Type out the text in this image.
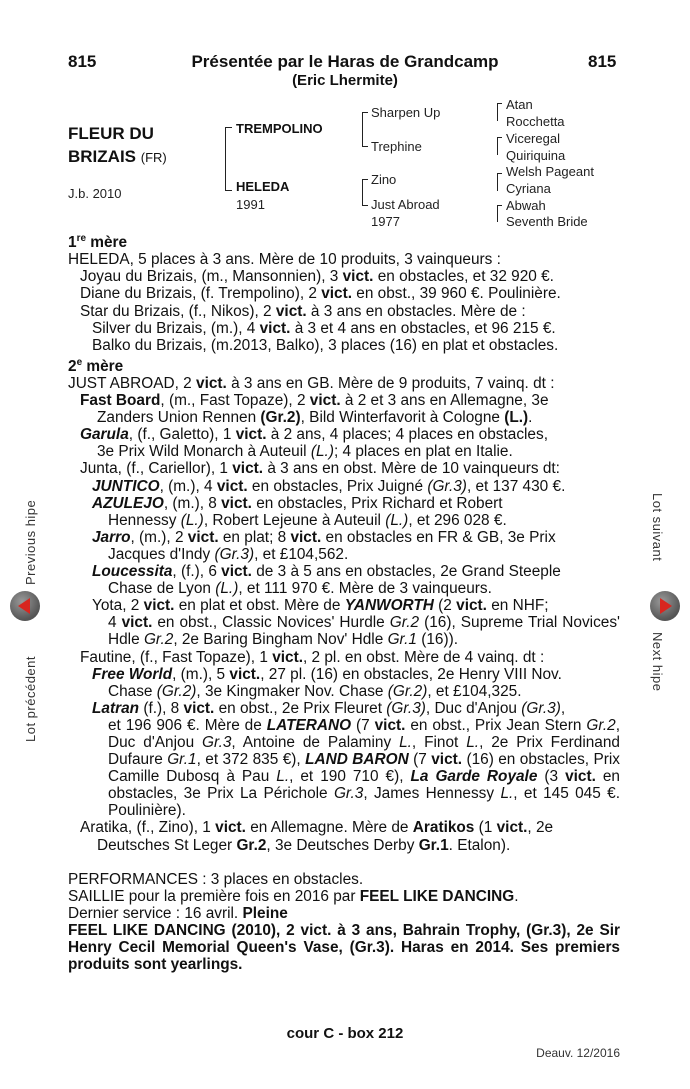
815	815
Présentée par le Haras de Grandcamp
(Eric Lhermite)
FLEUR DU
BRIZAIS (FR)
J.b. 2010
TREMPOLINO
HELEDA
1991
Sharpen Up
Trephine
Zino
Just Abroad
1977
Atan
Rocchetta
Viceregal
Quiriquina
Welsh Pageant
Cyriana
Abwah
Seventh Bride

1re mère

HELEDA, 5 places à 3 ans. Mère de 10 produits, 3 vainqueurs :

Joyau du Brizais, (m., Mansonnien), 3 vict. en obstacles, et 32 920 €.

Diane du Brizais, (f. Trempolino), 2 vict. en obst., 39 960 €. Poulinière.

Star du Brizais, (f., Nikos), 2 vict. à 3 ans en obstacles. Mère de :

Silver du Brizais, (m.), 4 vict. à 3 et 4 ans en obstacles, et 96 215 €.

Balko du Brizais, (m.2013, Balko), 3 places (16) en plat et obstacles.

2e mère

JUST ABROAD, 2 vict. à 3 ans en GB. Mère de 9 produits, 7 vainq. dt :

Fast Board, (m., Fast Topaze), 2 vict. à 2 et 3 ans en Allemagne, 3e
Zanders Union Rennen (Gr.2), Bild Winterfavorit à Cologne (L.).

Garula, (f., Galetto), 1 vict. à 2 ans, 4 places; 4 places en obstacles,
3e Prix Wild Monarch à Auteuil (L.); 4 places en plat en Italie.

Junta, (f., Cariellor), 1 vict. à 3 ans en obst. Mère de 10 vainqueurs dt:

JUNTICO, (m.), 4 vict. en obstacles, Prix Juigné (Gr.3), et 137 430 €.

AZULEJO, (m.), 8 vict. en obstacles, Prix Richard et Robert
Hennessy (L.), Robert Lejeune à Auteuil (L.), et 296 028 €.

Jarro, (m.), 2 vict. en plat; 8 vict. en obstacles en FR & GB, 3e Prix
Jacques d'Indy (Gr.3), et £104,562.

Loucessita, (f.), 6 vict. de 3 à 5 ans en obstacles, 2e Grand Steeple
Chase de Lyon (L.), et 111 970 €. Mère de 3 vainqueurs.

Yota, 2 vict. en plat et obst. Mère de YANWORTH (2 vict. en NHF;
4 vict. en obst., Classic Novices' Hurdle Gr.2 (16), Supreme Trial Novices' Hdle Gr.2, 2e Baring Bingham Nov' Hdle Gr.1 (16)).

Fautine, (f., Fast Topaze), 1 vict., 2 pl. en obst. Mère de 4 vainq. dt :

Free World, (m.), 5 vict., 27 pl. (16) en obstacles, 2e Henry VIII Nov.
Chase (Gr.2), 3e Kingmaker Nov. Chase (Gr.2), et £104,325.

Latran (f.), 8 vict. en obst., 2e Prix Fleuret (Gr.3), Duc d'Anjou (Gr.3),
et 196 906 €. Mère de LATERANO (7 vict. en obst., Prix Jean Stern Gr.2, Duc d'Anjou Gr.3, Antoine de Palaminy L., Finot L., 2e Prix Ferdinand Dufaure Gr.1, et 372 835 €), LAND BARON (7 vict. (16) en obstacles, Prix Camille Dubosq à Pau L., et 190 710 €), La Garde Royale (3 vict. en obstacles, 3e Prix La Périchole Gr.3, James Hennessy L., et 145 045 €. Poulinière).

Aratika, (f., Zino), 1 vict. en Allemagne. Mère de Aratikos (1 vict., 2e
Deutsches St Leger Gr.2, 3e Deutsches Derby Gr.1. Etalon).

PERFORMANCES : 3 places en obstacles.

SAILLIE pour la première fois en 2016 par FEEL LIKE DANCING.

Dernier service : 16 avril. Pleine

FEEL LIKE DANCING (2010), 2 vict. à 3 ans, Bahrain Trophy, (Gr.3), 2e Sir Henry Cecil Memorial Queen's Vase, (Gr.3). Haras en 2014. Ses premiers produits sont yearlings.

Previous hipe
Lot précédent
Lot suivant
Next hipe
cour C - box 212
Deauv. 12/2016
